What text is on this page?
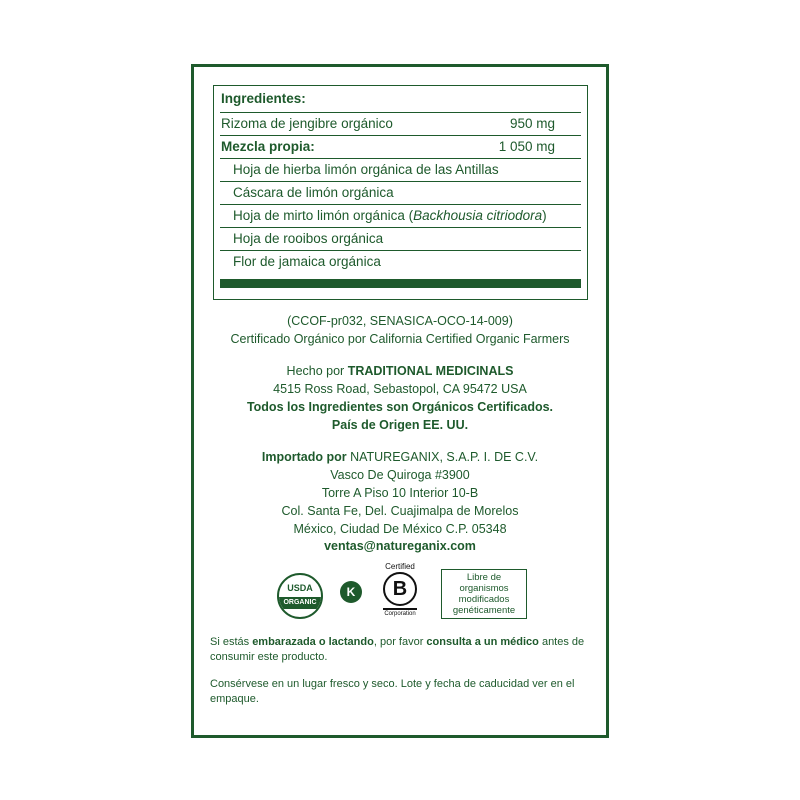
Ingredientes:
Rizoma de jengibre orgánico	950 mg
Mezcla propia:	1 050 mg
Hoja de hierba limón orgánica de las Antillas
Cáscara de limón orgánica
Hoja de mirto limón orgánica (Backhousia citriodora)
Hoja de rooibos orgánica
Flor de jamaica orgánica
(CCOF-pr032, SENASICA-OCO-14-009)
Certificado Orgánico por California Certified Organic Farmers
Hecho por TRADITIONAL MEDICINALS
4515 Ross Road, Sebastopol, CA 95472 USA
Todos los Ingredientes son Orgánicos Certificados.
País de Origen EE. UU.
Importado por NATUREGANIX, S.A.P. I. DE C.V.
Vasco De Quiroga #3900
Torre A Piso 10 Interior 10-B
Col. Santa Fe, Del. Cuajimalpa de Morelos
México, Ciudad De México C.P. 05348
ventas@natureganix.com
USDA
ORGANIC
K
Certified
B
Corporation
Libre de
organismos
modificados
genéticamente
Si estás embarazada o lactando, por favor consulta a un médico antes de consumir este producto.
Consérvese en un lugar fresco y seco. Lote y fecha de caducidad ver en el empaque.
